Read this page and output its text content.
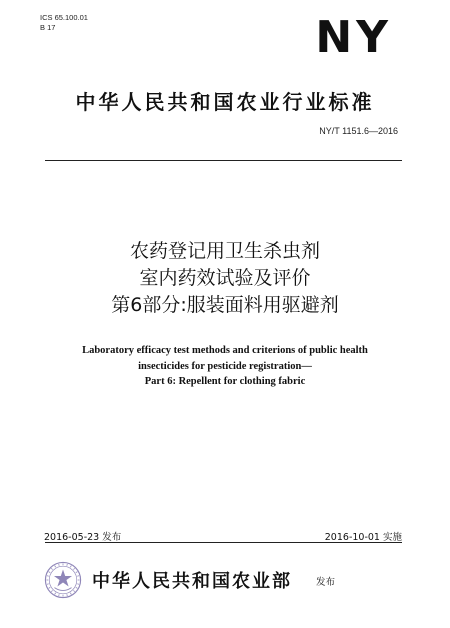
ICS 65.100.01
B 17	NY
中华人民共和国农业行业标准
NY/T 1151.6—2016
农药登记用卫生杀虫剂
室内药效试验及评价
第6部分:服装面料用驱避剂
Laboratory efficacy test methods and criterions of public health
insecticides for pesticide registration—
Part 6: Repellent for clothing fabric
2016-05-23 发布	2016-10-01 实施
中华人民共和国农业部	发布
